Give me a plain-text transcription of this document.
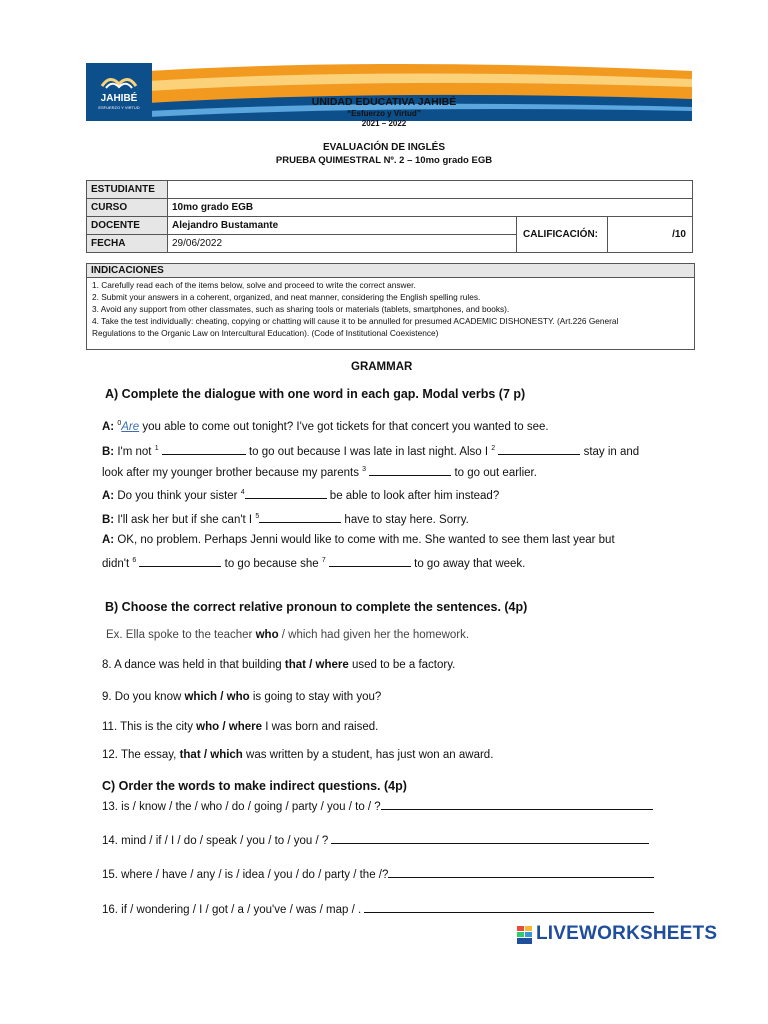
JAHIBÉ
ESFUERZO Y VIRTUD	UNIDAD EDUCATIVA JAHIBÉ
“Esfuerzo y Virtud”
2021 – 2022
EVALUACIÓN DE INGLÉS
PRUEBA QUIMESTRAL Nº. 2 – 10mo grado EGB
ESTUDIANTE			
CURSO	10mo grado EGB		
DOCENTE	Alejandro Bustamante	CALIFICACIÓN:	/10
FECHA	29/06/2022		
INDICACIONES
1. Carefully read each of the items below, solve and proceed to write the correct answer.
2. Submit your answers in a coherent, organized, and neat manner, considering the English spelling rules.
3. Avoid any support from other classmates, such as sharing tools or materials (tablets, smartphones, and books).
4. Take the test individually: cheating, copying or chatting will cause it to be annulled for presumed ACADEMIC DISHONESTY. (Art.226 General
Regulations to the Organic Law on Intercultural Education). (Code of Institutional Coexistence)
GRAMMAR
A) Complete the dialogue with one word in each gap. Modal verbs (7 p)
A: $^0$Are you able to come out tonight? I've got tickets for that concert you wanted to see.
B: I'm not $^1$	to go out because I was late in last night. Also I $^2$	stay in and
look after my younger brother because my parents $^3$	to go out earlier.
A: Do you think your sister $^4$	be able to look after him instead?
B: I'll ask her but if she can't I $^5$	have to stay here. Sorry.
A: OK, no problem. Perhaps Jenni would like to come with me. She wanted to see them last year but
didn't $^6$	to go because she $^7$	to go away that week.
B) Choose the correct relative pronoun to complete the sentences. (4p)
Ex. Ella spoke to the teacher who / which had given her the homework.
8. A dance was held in that building that / where used to be a factory.
9. Do you know which / who is going to stay with you?
11. This is the city who / where I was born and raised.
12. The essay, that / which was written by a student, has just won an award.
C) Order the words to make indirect questions. (4p)
13. is / know / the / who / do / going / party / you / to / ?
14. mind / if / I / do / speak / you / to / you / ?
15. where / have / any / is / idea / you / do / party / the /?
16. if / wondering / I / got / a / you've / was / map / .
LIVEWORKSHEETS
